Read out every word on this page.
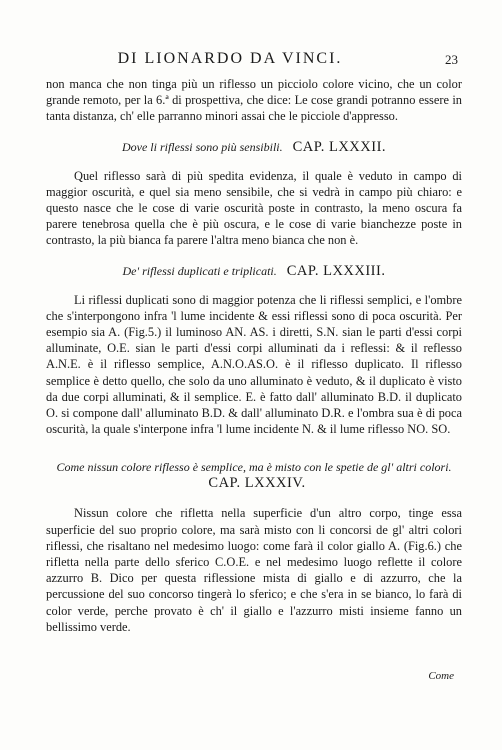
DI LIONARDO DA VINCI.	23

non manca che non tinga più un riflesso un picciolo colore vicino, che un color grande remoto, per la 6.ª di prospettiva, che dice: Le cose grandi potranno essere in tanta distanza, ch' elle parranno minori assai che le picciole d'appresso.

Dove li riflessi sono più sensibili. CAP. LXXXII.

Quel riflesso sarà di più spedita evidenza, il quale è veduto in campo di maggior oscurità, e quel sia meno sensibile, che si vedrà in campo più chiaro: e questo nasce che le cose di varie oscurità poste in contrasto, la meno oscura fa parere tenebrosa quella che è più oscura, e le cose di varie bianchezze poste in contrasto, la più bianca fa parere l'altra meno bianca che non è.

De' riflessi duplicati e triplicati. CAP. LXXXIII.

Li riflessi duplicati sono di maggior potenza che li riflessi semplici, e l'ombre che s'interpongono infra 'l lume incidente & essi riflessi sono di poca oscurità. Per esempio sia A. (Fig.5.) il luminoso AN. AS. i diretti, S.N. sian le parti d'essi corpi alluminate, O.E. sian le parti d'essi corpi alluminati da i reflessi: & il reflesso A.N.E. è il riflesso semplice, A.N.O.AS.O. è il riflesso duplicato. Il riflesso semplice è detto quello, che solo da uno alluminato è veduto, & il duplicato è visto da due corpi alluminati, & il semplice. E. è fatto dall' alluminato B.D. il duplicato O. si compone dall' alluminato B.D. & dall' alluminato D.R. e l'ombra sua è di poca oscurità, la quale s'interpone infra 'l lume incidente N. & il lume riflesso NO. SO.

Come nissun colore riflesso è semplice, ma è misto con le spetie de gl' altri colori. CAP. LXXXIV.

Nissun colore che rifletta nella superficie d'un altro corpo, tinge essa superficie del suo proprio colore, ma sarà misto con li concorsi de gl' altri colori riflessi, che risaltano nel medesimo luogo: come farà il color giallo A. (Fig.6.) che rifletta nella parte dello sferico C.O.E. e nel medesimo luogo reflette il colore azzurro B. Dico per questa riflessione mista di giallo e di azzurro, che la percussione del suo concorso tingerà lo sferico; e che s'era in se bianco, lo farà di color verde, perche provato è ch' il giallo e l'azzurro misti insieme fanno un bellissimo verde.

Come
